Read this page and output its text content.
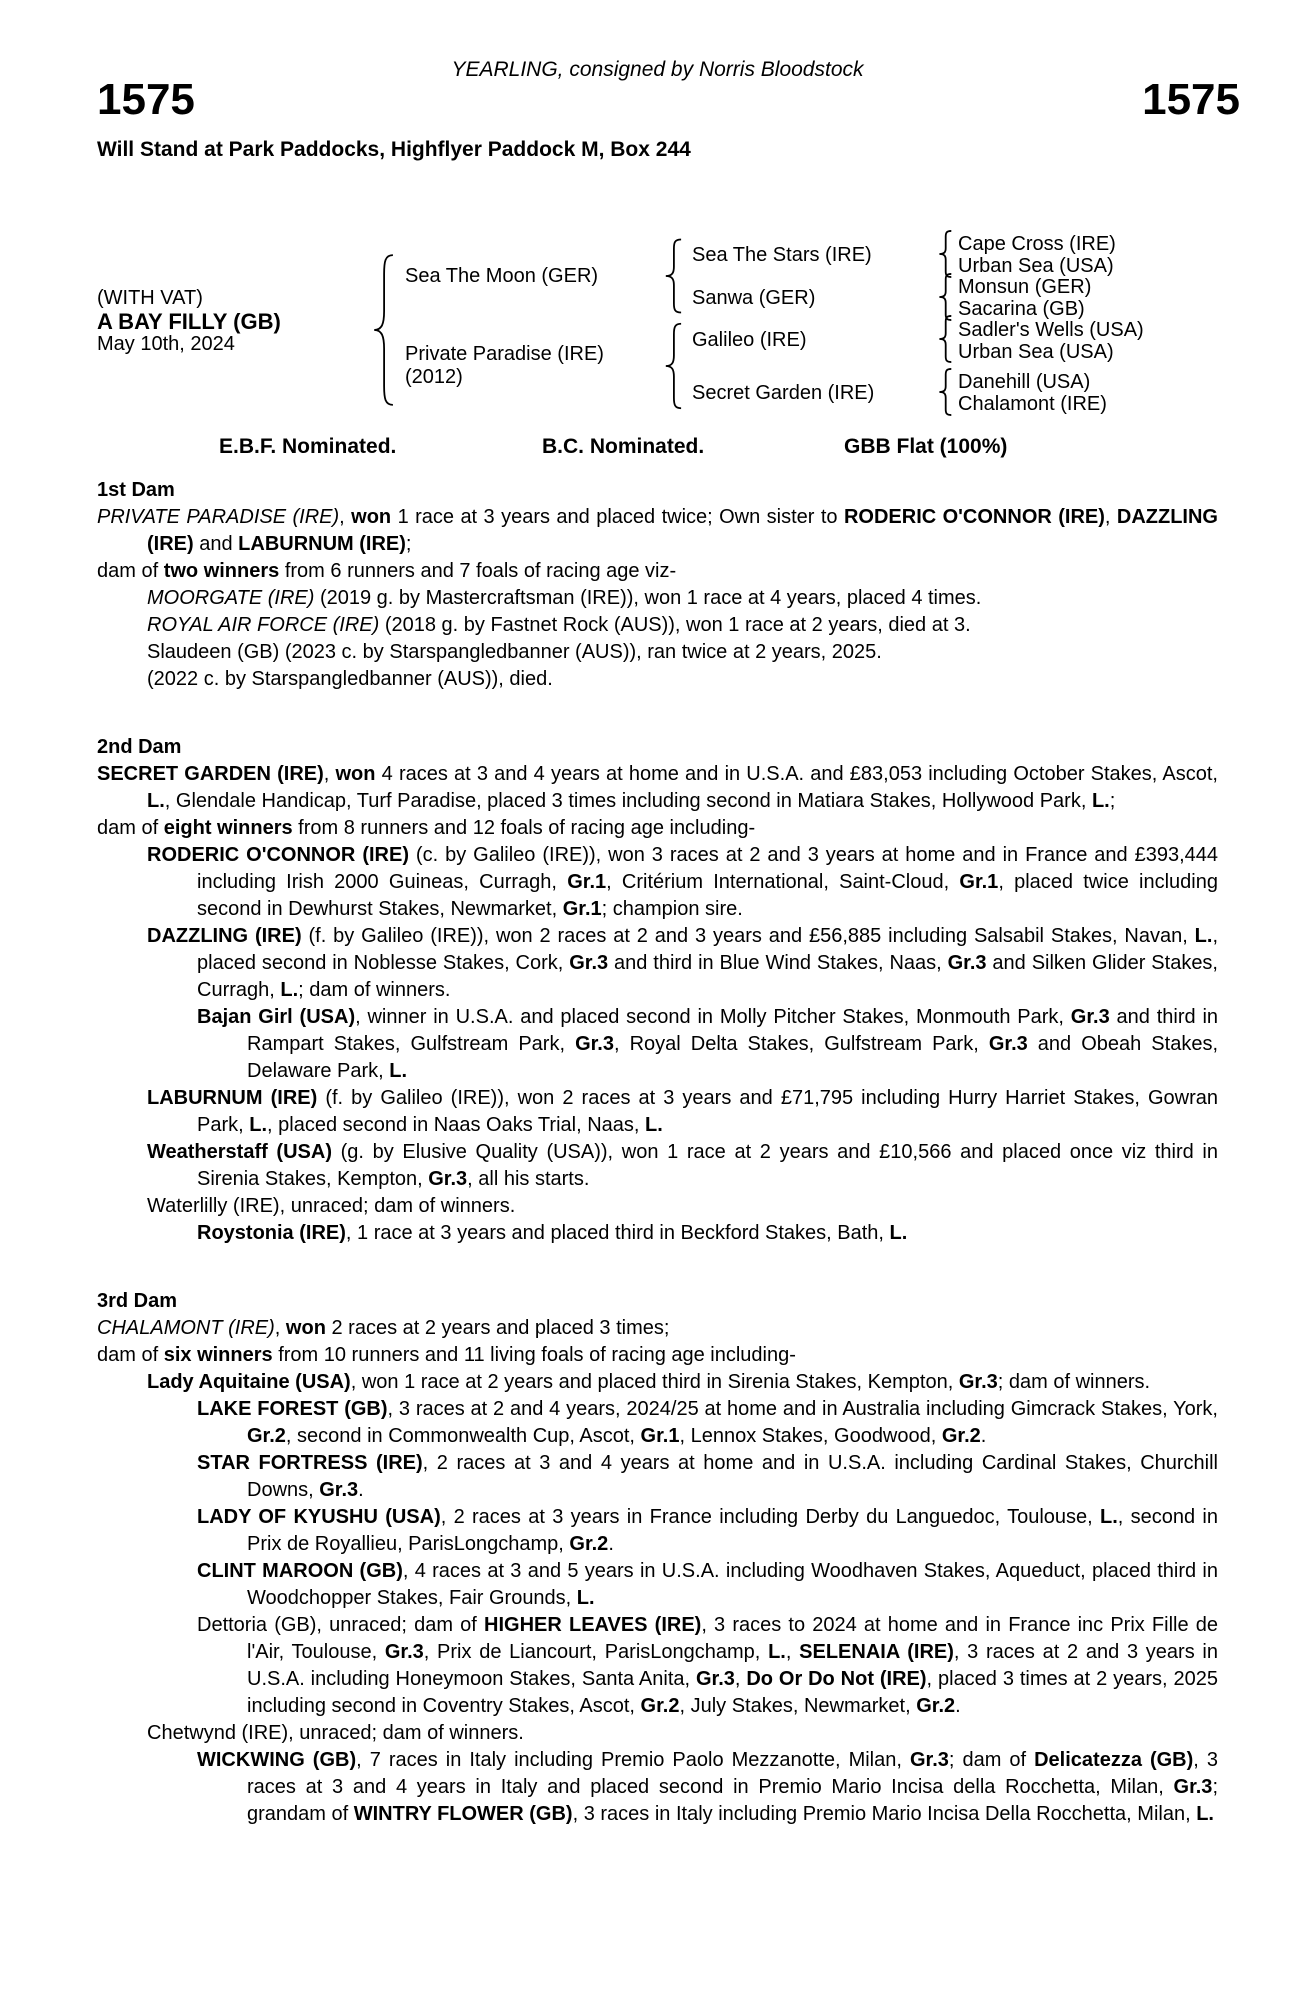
YEARLING, consigned by Norris Bloodstock
1575	1575
Will Stand at Park Paddocks, Highflyer Paddock M, Box 244
(WITH VAT)
A BAY FILLY (GB)
May 10th, 2024
Sea The Moon (GER)
Private Paradise (IRE)
(2012)
Sea The Stars (IRE)
Sanwa (GER)
Galileo (IRE)
Secret Garden (IRE)
Cape Cross (IRE)
Urban Sea (USA)
Monsun (GER)
Sacarina (GB)
Sadler's Wells (USA)
Urban Sea (USA)
Danehill (USA)
Chalamont (IRE)
E.B.F. Nominated.	B.C. Nominated.	GBB Flat (100%)
1st Dam

PRIVATE PARADISE (IRE), won 1 race at 3 years and placed twice; Own sister to RODERIC O'CONNOR (IRE), DAZZLING (IRE) and LABURNUM (IRE);

dam of two winners from 6 runners and 7 foals of racing age viz-

MOORGATE (IRE) (2019 g. by Mastercraftsman (IRE)), won 1 race at 4 years, placed 4 times.

ROYAL AIR FORCE (IRE) (2018 g. by Fastnet Rock (AUS)), won 1 race at 2 years, died at 3.

Slaudeen (GB) (2023 c. by Starspangledbanner (AUS)), ran twice at 2 years, 2025.

(2022 c. by Starspangledbanner (AUS)), died.

2nd Dam

SECRET GARDEN (IRE), won 4 races at 3 and 4 years at home and in U.S.A. and £83,053 including October Stakes, Ascot, L., Glendale Handicap, Turf Paradise, placed 3 times including second in Matiara Stakes, Hollywood Park, L.;

dam of eight winners from 8 runners and 12 foals of racing age including-

RODERIC O'CONNOR (IRE) (c. by Galileo (IRE)), won 3 races at 2 and 3 years at home and in France and £393,444 including Irish 2000 Guineas, Curragh, Gr.1, Critérium International, Saint-Cloud, Gr.1, placed twice including second in Dewhurst Stakes, Newmarket, Gr.1; champion sire.

DAZZLING (IRE) (f. by Galileo (IRE)), won 2 races at 2 and 3 years and £56,885 including Salsabil Stakes, Navan, L., placed second in Noblesse Stakes, Cork, Gr.3 and third in Blue Wind Stakes, Naas, Gr.3 and Silken Glider Stakes, Curragh, L.; dam of winners.

Bajan Girl (USA), winner in U.S.A. and placed second in Molly Pitcher Stakes, Monmouth Park, Gr.3 and third in Rampart Stakes, Gulfstream Park, Gr.3, Royal Delta Stakes, Gulfstream Park, Gr.3 and Obeah Stakes, Delaware Park, L.

LABURNUM (IRE) (f. by Galileo (IRE)), won 2 races at 3 years and £71,795 including Hurry Harriet Stakes, Gowran Park, L., placed second in Naas Oaks Trial, Naas, L.

Weatherstaff (USA) (g. by Elusive Quality (USA)), won 1 race at 2 years and £10,566 and placed once viz third in Sirenia Stakes, Kempton, Gr.3, all his starts.

Waterlilly (IRE), unraced; dam of winners.

Roystonia (IRE), 1 race at 3 years and placed third in Beckford Stakes, Bath, L.

3rd Dam

CHALAMONT (IRE), won 2 races at 2 years and placed 3 times;

dam of six winners from 10 runners and 11 living foals of racing age including-

Lady Aquitaine (USA), won 1 race at 2 years and placed third in Sirenia Stakes, Kempton, Gr.3; dam of winners.

LAKE FOREST (GB), 3 races at 2 and 4 years, 2024/25 at home and in Australia including Gimcrack Stakes, York, Gr.2, second in Commonwealth Cup, Ascot, Gr.1, Lennox Stakes, Goodwood, Gr.2.

STAR FORTRESS (IRE), 2 races at 3 and 4 years at home and in U.S.A. including Cardinal Stakes, Churchill Downs, Gr.3.

LADY OF KYUSHU (USA), 2 races at 3 years in France including Derby du Languedoc, Toulouse, L., second in Prix de Royallieu, ParisLongchamp, Gr.2.

CLINT MAROON (GB), 4 races at 3 and 5 years in U.S.A. including Woodhaven Stakes, Aqueduct, placed third in Woodchopper Stakes, Fair Grounds, L.

Dettoria (GB), unraced; dam of HIGHER LEAVES (IRE), 3 races to 2024 at home and in France inc Prix Fille de l'Air, Toulouse, Gr.3, Prix de Liancourt, ParisLongchamp, L., SELENAIA (IRE), 3 races at 2 and 3 years in U.S.A. including Honeymoon Stakes, Santa Anita, Gr.3, Do Or Do Not (IRE), placed 3 times at 2 years, 2025 including second in Coventry Stakes, Ascot, Gr.2, July Stakes, Newmarket, Gr.2.

Chetwynd (IRE), unraced; dam of winners.

WICKWING (GB), 7 races in Italy including Premio Paolo Mezzanotte, Milan, Gr.3; dam of Delicatezza (GB), 3 races at 3 and 4 years in Italy and placed second in Premio Mario Incisa della Rocchetta, Milan, Gr.3; grandam of WINTRY FLOWER (GB), 3 races in Italy including Premio Mario Incisa Della Rocchetta, Milan, L.
